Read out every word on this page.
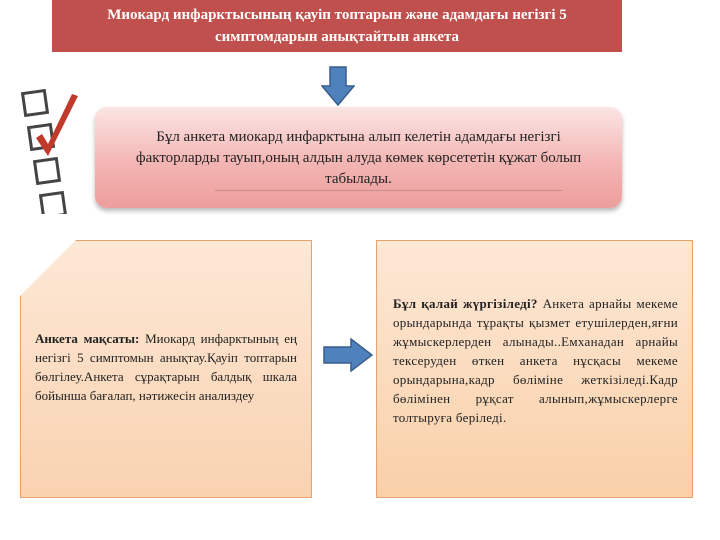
Миокард инфарктысының қауіп топтарын және адамдағы негізгі 5
симптомдарын анықтайтын анкета
Бұл анкета миокард инфарктына алып келетін адамдағы негізгі факторларды тауып,оның алдын алуда көмек көрсететін құжат болып табылады.
Анкета мақсаты: Миокард инфарктының ең негізгі 5 симптомын анықтау.Қауіп топтарын бөлгілеу.Анкета сұрақтарын балдық шкала бойынша бағалап, нәтижесін анализдеу
Бұл қалай жүргізіледі? Анкета арнайы мекеме орындарында тұрақты қызмет етушілерден,яғни жұмыскерлерден алынады..Емханадан арнайы тексеруден өткен анкета нұсқасы мекеме орындарына,кадр бөліміне жеткізіледі.Кадр бөлімінен рұқсат алынып,жұмыскерлерге толтыруға беріледі.
